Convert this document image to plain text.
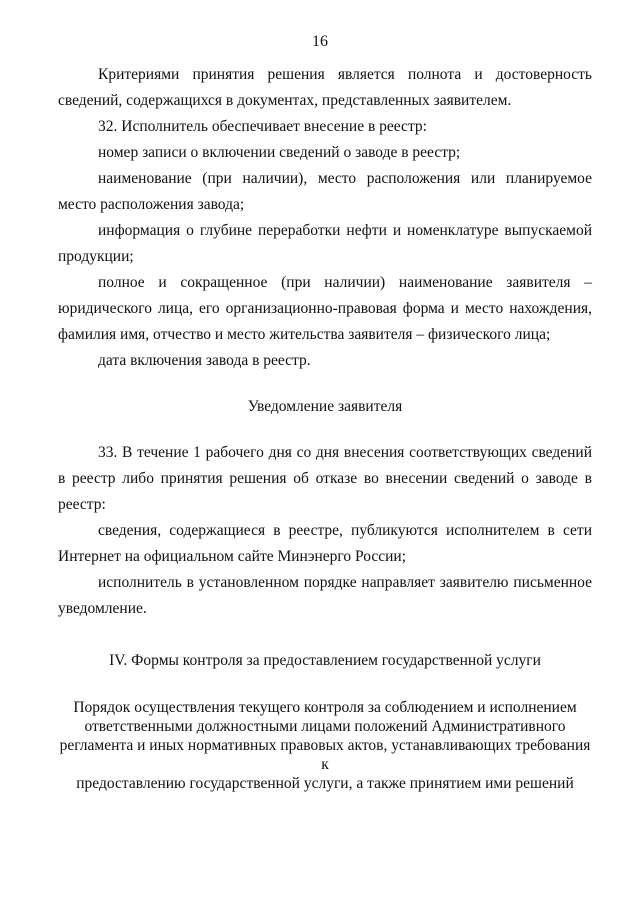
16

Критериями принятия решения является полнота и достоверность сведений, содержащихся в документах, представленных заявителем.

32. Исполнитель обеспечивает внесение в реестр:

номер записи о включении сведений о заводе в реестр;

наименование (при наличии), место расположения или планируемое место расположения завода;

информация о глубине переработки нефти и номенклатуре выпускаемой продукции;

полное и сокращенное (при наличии) наименование заявителя – юридического лица, его организационно-правовая форма и место нахождения, фамилия имя, отчество и место жительства заявителя – физического лица;

дата включения завода в реестр.

Уведомление заявителя

33. В течение 1 рабочего дня со дня внесения соответствующих сведений в реестр либо принятия решения об отказе во внесении сведений о заводе в реестр:

сведения, содержащиеся в реестре, публикуются исполнителем в сети Интернет на официальном сайте Минэнерго России;

исполнитель в установленном порядке направляет заявителю письменное уведомление.

IV. Формы контроля за предоставлением государственной услуги

Порядок осуществления текущего контроля за соблюдением и исполнением

ответственными должностными лицами положений Административного

регламента и иных нормативных правовых актов, устанавливающих требования к

предоставлению государственной услуги, а также принятием ими решений
